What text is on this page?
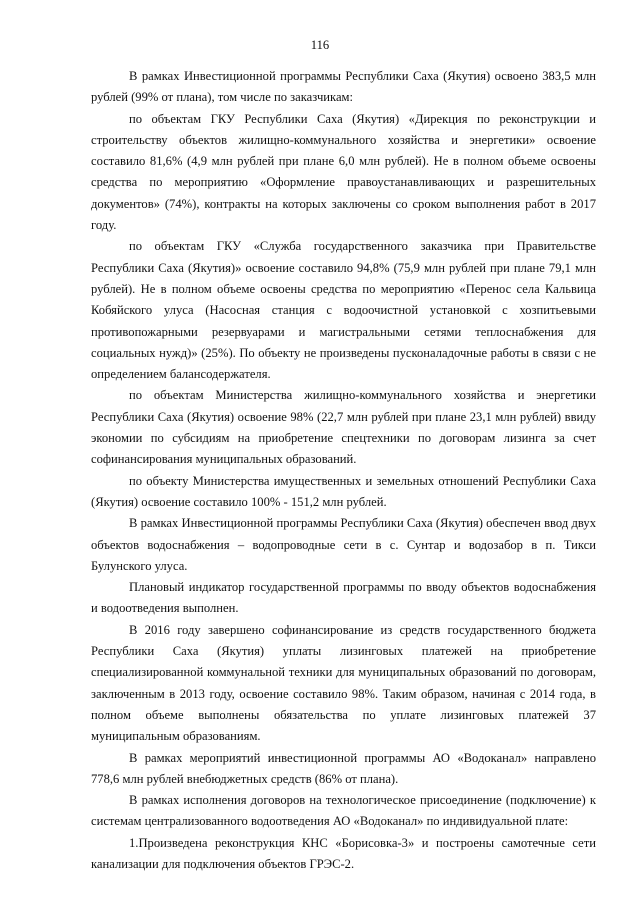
116

В рамках Инвестиционной программы Республики Саха (Якутия) освоено 383,5 млн рублей (99% от плана), том числе по заказчикам:

по объектам ГКУ Республики Саха (Якутия) «Дирекция по реконструкции и строительству объектов жилищно-коммунального хозяйства и энергетики» освоение составило 81,6% (4,9 млн рублей при плане 6,0 млн рублей). Не в полном объеме освоены средства по мероприятию «Оформление правоустанавливающих и разрешительных документов» (74%), контракты на которых заключены со сроком выполнения работ в 2017 году.

по объектам ГКУ «Служба государственного заказчика при Правительстве Республики Саха (Якутия)» освоение составило 94,8% (75,9 млн рублей при плане 79,1 млн рублей). Не в полном объеме освоены средства по мероприятию «Перенос села Кальвица Кобяйского улуса (Насосная станция с водоочистной установкой с хозпитьевыми противопожарными резервуарами и магистральными сетями теплоснабжения для социальных нужд)» (25%). По объекту не произведены пусконаладочные работы в связи с не определением балансодержателя.

по объектам Министерства жилищно-коммунального хозяйства и энергетики Республики Саха (Якутия) освоение 98% (22,7 млн рублей при плане 23,1 млн рублей) ввиду экономии по субсидиям на приобретение спецтехники по договорам лизинга за счет софинансирования муниципальных образований.

по объекту Министерства имущественных и земельных отношений Республики Саха (Якутия) освоение составило 100% - 151,2 млн рублей.

В рамках Инвестиционной программы Республики Саха (Якутия) обеспечен ввод двух объектов водоснабжения – водопроводные сети в с. Сунтар и водозабор в п. Тикси Булунского улуса.

Плановый индикатор государственной программы по вводу объектов водоснабжения и водоотведения выполнен.

В 2016 году завершено софинансирование из средств государственного бюджета Республики Саха (Якутия) уплаты лизинговых платежей на приобретение специализированной коммунальной техники для муниципальных образований по договорам, заключенным в 2013 году, освоение составило 98%. Таким образом, начиная с 2014 года, в полном объеме выполнены обязательства по уплате лизинговых платежей 37 муниципальным образованиям.

В рамках мероприятий инвестиционной программы АО «Водоканал» направлено 778,6 млн рублей внебюджетных средств (86% от плана).

В рамках исполнения договоров на технологическое присоединение (подключение) к системам централизованного водоотведения АО «Водоканал» по индивидуальной плате:

1.Произведена реконструкция КНС «Борисовка-3» и построены самотечные сети канализации для подключения объектов ГРЭС-2.
